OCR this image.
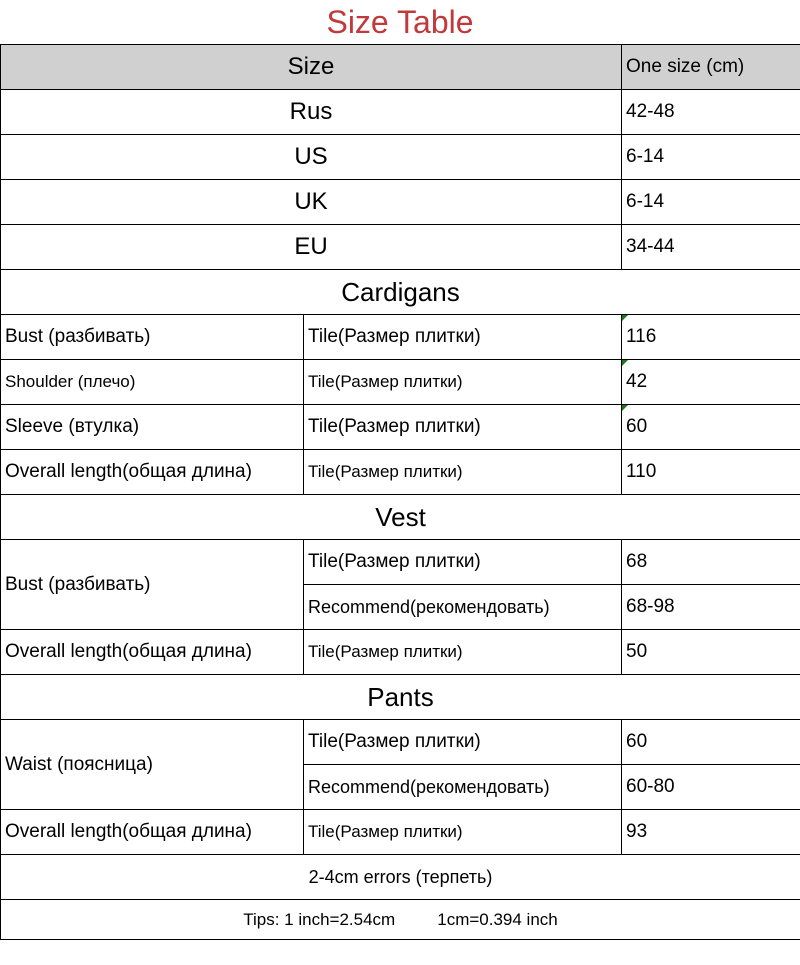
Size Table
Size		One size (cm)
Rus		42-48
US		6-14
UK		6-14
EU		34-44
Cardigans		
Bust (разбивать)	Tile(Размер плитки)	116
Shoulder (плечо)	Tile(Размер плитки)	42
Sleeve (втулка)	Tile(Размер плитки)	60
Overall length(общая длина)	Tile(Размер плитки)	110
Vest		
Bust (разбивать)	Tile(Размер плитки)	68
	Recommend(рекомендовать)	68-98
Overall length(общая длина)	Tile(Размер плитки)	50
Pants		
Waist (поясница)	Tile(Размер плитки)	60
	Recommend(рекомендовать)	60-80
Overall length(общая длина)	Tile(Размер плитки)	93
2-4cm errors (терпеть)		
Tips: 1 inch=2.54cm 1cm=0.394 inch		
